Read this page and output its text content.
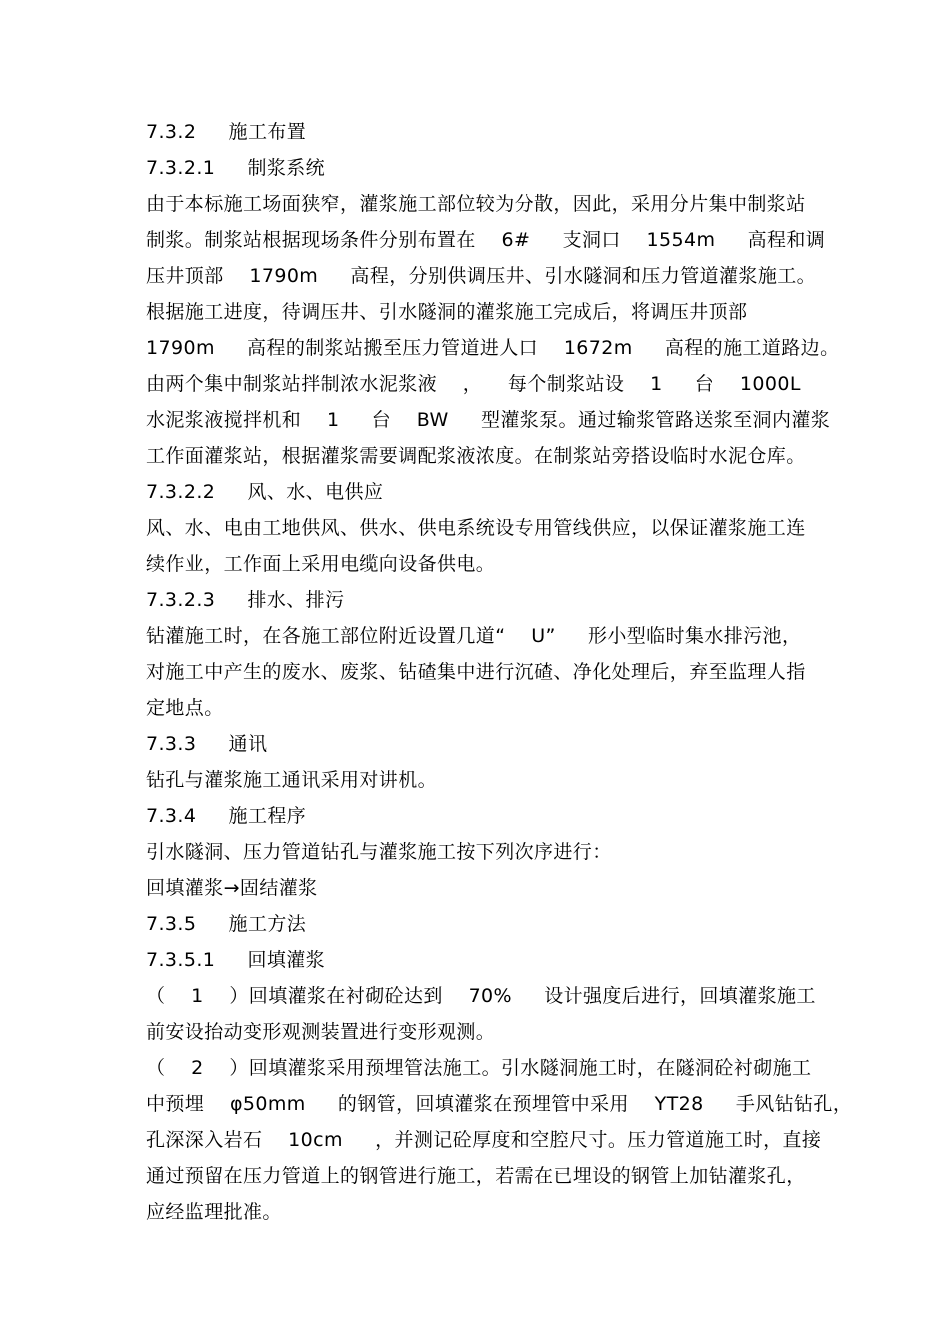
7.3.2     施工布置
7.3.2.1     制浆系统
由于本标施工场面狭窄，灌浆施工部位较为分散，因此，采用分片集中制浆站
制浆。制浆站根据现场条件分别布置在    6#     支洞口    1554m     高程和调
压井顶部    1790m     高程，分别供调压井、引水隧洞和压力管道灌浆施工。
根据施工进度，待调压井、引水隧洞的灌浆施工完成后，将调压井顶部
1790m     高程的制浆站搬至压力管道进人口    1672m     高程的施工道路边。
由两个集中制浆站拌制浓水泥浆液    ，    每个制浆站设    1     台    1000L
水泥浆液搅拌机和    1     台    BW     型灌浆泵。通过输浆管路送浆至洞内灌浆
工作面灌浆站，根据灌浆需要调配浆液浓度。在制浆站旁搭设临时水泥仓库。
7.3.2.2     风、水、电供应
风、水、电由工地供风、供水、供电系统设专用管线供应，以保证灌浆施工连
续作业，工作面上采用电缆向设备供电。
7.3.2.3     排水、排污
钻灌施工时，在各施工部位附近设置几道“    U”     形小型临时集水排污池，
对施工中产生的废水、废浆、钻碴集中进行沉碴、净化处理后，弃至监理人指
定地点。
7.3.3     通讯
钻孔与灌浆施工通讯采用对讲机。
7.3.4     施工程序
引水隧洞、压力管道钻孔与灌浆施工按下列次序进行：
回填灌浆→固结灌浆
7.3.5     施工方法
7.3.5.1     回填灌浆
（    1    ）回填灌浆在衬砌砼达到    70%     设计强度后进行，回填灌浆施工
前安设抬动变形观测装置进行变形观测。
（    2    ）回填灌浆采用预埋管法施工。引水隧洞施工时，在隧洞砼衬砌施工
中预埋    φ50mm     的钢管，回填灌浆在预埋管中采用    YT28     手风钻钻孔，
孔深深入岩石    10cm     ，并测记砼厚度和空腔尺寸。压力管道施工时，直接
通过预留在压力管道上的钢管进行施工，若需在已埋设的钢管上加钻灌浆孔，
应经监理批准。
